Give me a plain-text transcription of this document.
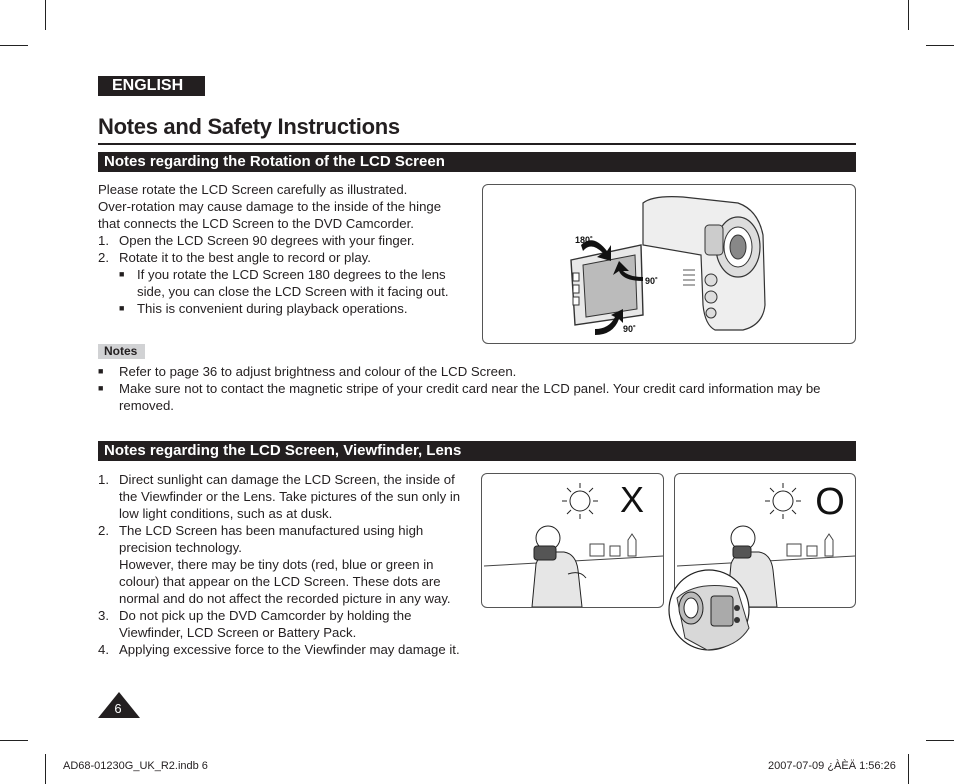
ENGLISH
Notes and Safety Instructions
Notes regarding the Rotation of the LCD Screen

Please rotate the LCD Screen carefully as illustrated.

Over-rotation may cause damage to the inside of the hinge

that connects the LCD Screen to the DVD Camcorder.

1. Open the LCD Screen 90 degrees with your finger.
2. Rotate it to the best angle to record or play.
■ If you rotate the LCD Screen 180 degrees to the lens

side, you can close the LCD Screen with it facing out.

■ This is convenient during playback operations.
180˚
90˚
90˚
Notes
■	Refer to page 36 to adjust brightness and colour of the LCD Screen.
■	Make sure not to contact the magnetic stripe of your credit card near the LCD panel. Your credit card information may be

removed.

Notes regarding the LCD Screen, Viewfinder, Lens
1. Direct sunlight can damage the LCD Screen, the inside of

the Viewfinder or the Lens. Take pictures of the sun only in

low light conditions, such as at dusk.

2. The LCD Screen has been manufactured using high

precision technology.

However, there may be tiny dots (red, blue or green in

colour) that appear on the LCD Screen. These dots are

normal and do not affect the recorded picture in any way.

3. Do not pick up the DVD Camcorder by holding the

Viewfinder, LCD Screen or Battery Pack.

4. Applying excessive force to the Viewfinder may damage it.
X	O
6
AD68-01230G_UK_R2.indb 6	2007-07-09 ¿ÀÈÄ 1:56:26
